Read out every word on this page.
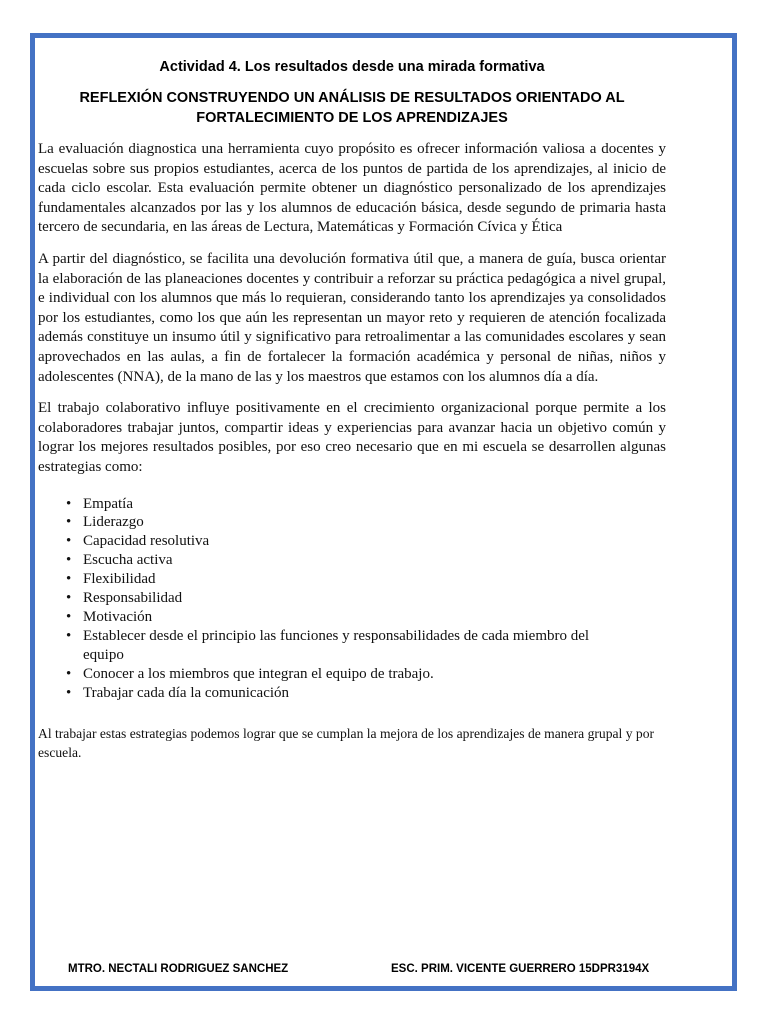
Actividad 4. Los resultados desde una mirada formativa

REFLEXIÓN CONSTRUYENDO UN ANÁLISIS DE RESULTADOS ORIENTADO AL FORTALECIMIENTO DE LOS APRENDIZAJES

La evaluación diagnostica una herramienta cuyo propósito es ofrecer información valiosa a docentes y escuelas sobre sus propios estudiantes, acerca de los puntos de partida de los aprendizajes, al inicio de cada ciclo escolar. Esta evaluación permite obtener un diagnóstico personalizado de los aprendizajes fundamentales alcanzados por las y los alumnos de educación básica, desde segundo de primaria hasta tercero de secundaria, en las áreas de Lectura, Matemáticas y Formación Cívica y Ética

A partir del diagnóstico, se facilita una devolución formativa útil que, a manera de guía, busca orientar la elaboración de las planeaciones docentes y contribuir a reforzar su práctica pedagógica a nivel grupal, e individual con los alumnos que más lo requieran, considerando tanto los aprendizajes ya consolidados por los estudiantes, como los que aún les representan un mayor reto y requieren de atención focalizada además constituye un insumo útil y significativo para retroalimentar a las comunidades escolares y sean aprovechados en las aulas, a fin de fortalecer la formación académica y personal de niñas, niños y adolescentes (NNA), de la mano de las y los maestros que estamos con los alumnos día a día.

El trabajo colaborativo influye positivamente en el crecimiento organizacional porque permite a los colaboradores trabajar juntos, compartir ideas y experiencias para avanzar hacia un objetivo común y lograr los mejores resultados posibles, por eso creo necesario que en mi escuela se desarrollen algunas estrategias como:

• Empatía
• Liderazgo
• Capacidad resolutiva
• Escucha activa
• Flexibilidad
• Responsabilidad
• Motivación
• Establecer desde el principio las funciones y responsabilidades de cada miembro del equipo
• Conocer a los miembros que integran el equipo de trabajo.
• Trabajar cada día la comunicación

Al trabajar estas estrategias podemos lograr que se cumplan la mejora de los aprendizajes de manera grupal y por escuela.

MTRO. NECTALI RODRIGUEZ SANCHEZ	ESC. PRIM. VICENTE GUERRERO 15DPR3194X
